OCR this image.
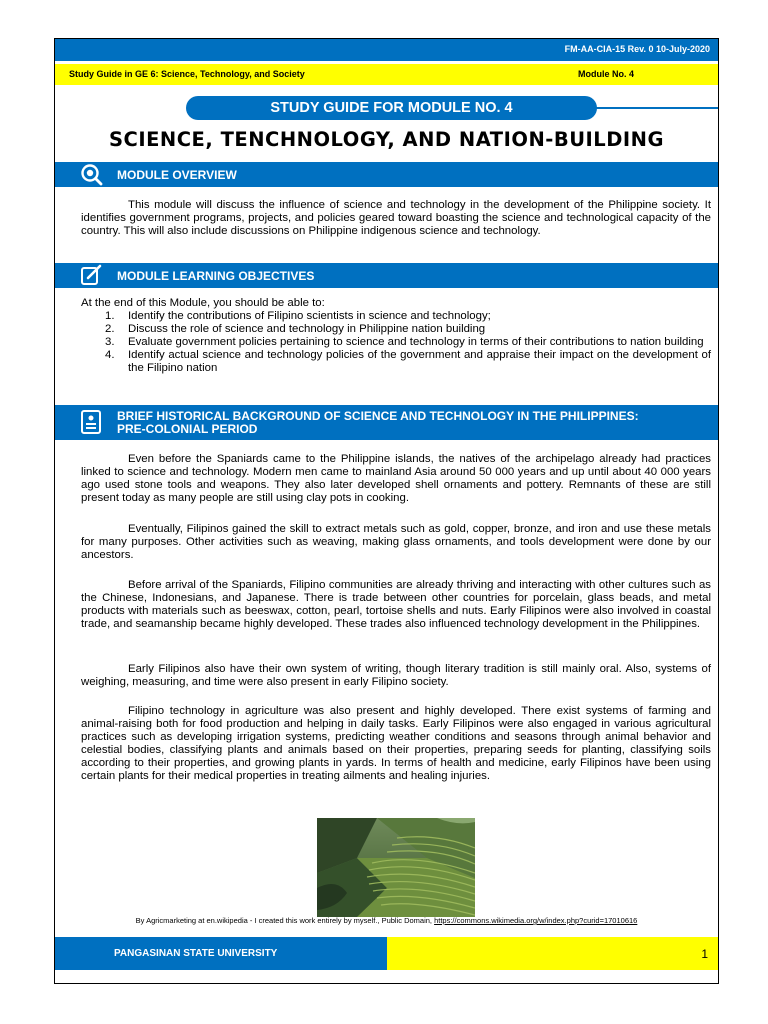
FM-AA-CIA-15 Rev. 0 10-July-2020
Study Guide in GE 6: Science, Technology, and Society	Module No. 4
STUDY GUIDE FOR MODULE NO. 4
SCIENCE, TENCHNOLOGY, AND NATION-BUILDING
MODULE OVERVIEW

This module will discuss the influence of science and technology in the development of the Philippine society. It identifies government programs, projects, and policies geared toward boasting the science and technological capacity of the country. This will also include discussions on Philippine indigenous science and technology.

MODULE LEARNING OBJECTIVES
At the end of this Module, you should be able to:
1. Identify the contributions of Filipino scientists in science and technology;
2. Discuss the role of science and technology in Philippine nation building
3. Evaluate government policies pertaining to science and technology in terms of their contributions to nation building
4. Identify actual science and technology policies of the government and appraise their impact on the development of the Filipino nation
BRIEF HISTORICAL BACKGROUND OF SCIENCE AND TECHNOLOGY IN THE PHILIPPINES:
PRE-COLONIAL PERIOD

Even before the Spaniards came to the Philippine islands, the natives of the archipelago already had practices linked to science and technology. Modern men came to mainland Asia around 50 000 years and up until about 40 000 years ago used stone tools and weapons. They also later developed shell ornaments and pottery. Remnants of these are still present today as many people are still using clay pots in cooking.

Eventually, Filipinos gained the skill to extract metals such as gold, copper, bronze, and iron and use these metals for many purposes. Other activities such as weaving, making glass ornaments, and tools development were done by our ancestors.

Before arrival of the Spaniards, Filipino communities are already thriving and interacting with other cultures such as the Chinese, Indonesians, and Japanese. There is trade between other countries for porcelain, glass beads, and metal products with materials such as beeswax, cotton, pearl, tortoise shells and nuts. Early Filipinos were also involved in coastal trade, and seamanship became highly developed. These trades also influenced technology development in the Philippines.

Early Filipinos also have their own system of writing, though literary tradition is still mainly oral. Also, systems of weighing, measuring, and time were also present in early Filipino society.

Filipino technology in agriculture was also present and highly developed. There exist systems of farming and animal-raising both for food production and helping in daily tasks. Early Filipinos were also engaged in various agricultural practices such as developing irrigation systems, predicting weather conditions and seasons through animal behavior and celestial bodies, classifying plants and animals based on their properties, preparing seeds for planting, classifying soils according to their properties, and growing plants in yards. In terms of health and medicine, early Filipinos have been using certain plants for their medical properties in treating ailments and healing injuries.

By Agricmarketing at en.wikipedia - I created this work entirely by myself., Public Domain, https://commons.wikimedia.org/w/index.php?curid=17010616
PANGASINAN STATE UNIVERSITY	1
